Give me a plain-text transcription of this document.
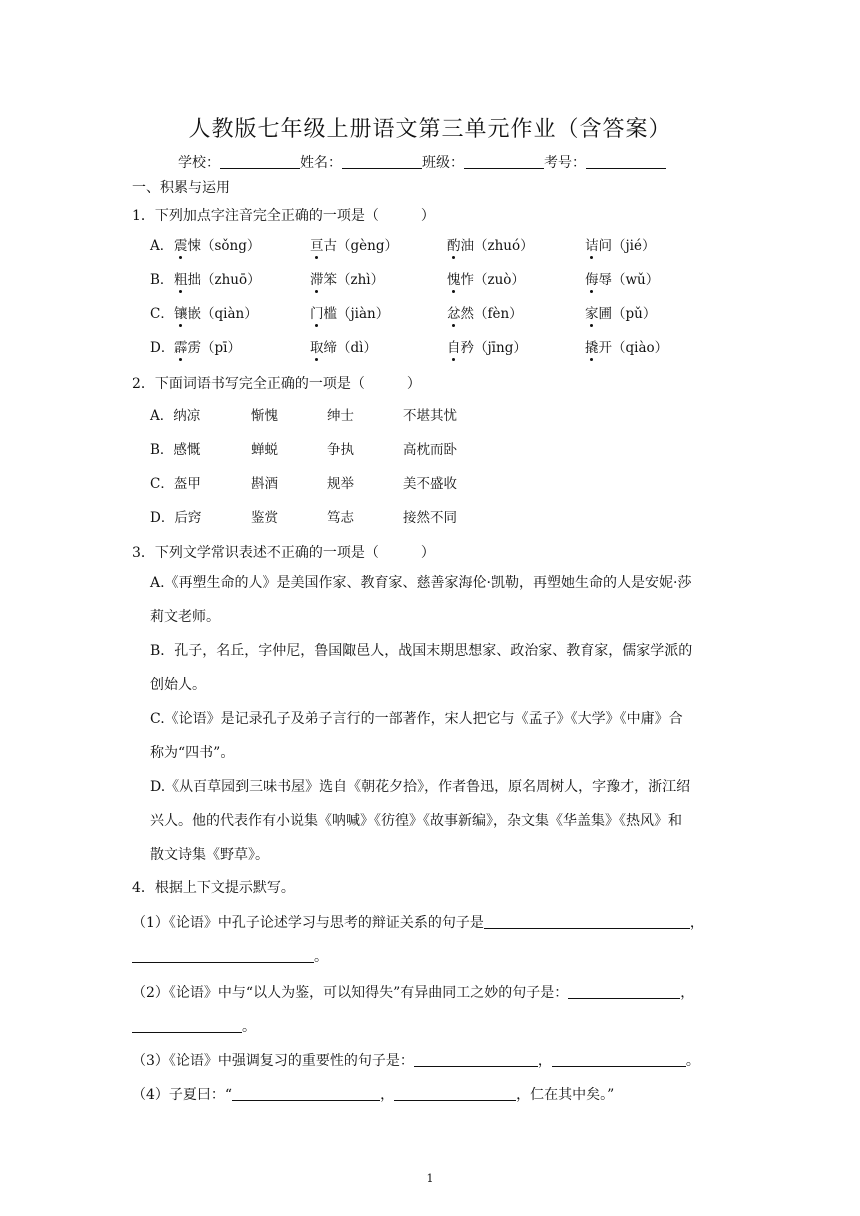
人教版七年级上册语文第三单元作业（含答案）
学校：	姓名：	班级：	考号：
一、积累与运用
1．下列加点字注音完全正确的一项是（　　　）
A． 震悚（sǒng）	亘古（gèng）	酌油（zhuó）	诘问（jié）
B． 粗拙（zhuō）	滞笨（zhì）	愧怍（zuò）	侮辱（wǔ）
C． 镶嵌（qiàn）	门槛（jiàn）	忿然（fèn）	家圃（pǔ）
D． 霹雳（pī）	取缔（dì）	自矜（jīng）	撬开（qiào）
2．下面词语书写完全正确的一项是（　　　）
A．纳凉	惭愧	绅士	不堪其忧
B．感慨	蝉蜕	争执	高枕而卧
C．盔甲	斟酒	规举	美不盛收
D．后窍	鉴赏	笃志	接然不同
3．下列文学常识表述不正确的一项是（　　　）
A.《再塑生命的人》是美国作家、教育家、慈善家海伦·凯勒，再塑她生命的人是安妮·莎
莉文老师。
B．孔子，名丘，字仲尼，鲁国陬邑人，战国末期思想家、政治家、教育家，儒家学派的
创始人。
C.《论语》是记录孔子及弟子言行的一部著作，宋人把它与《孟子》《大学》《中庸》合
称为“四书”。
D.《从百草园到三味书屋》选自《朝花夕拾》，作者鲁迅，原名周树人，字豫才，浙江绍
兴人。他的代表作有小说集《呐喊》《彷徨》《故事新编》，杂文集《华盖集》《热风》和
散文诗集《野草》。
4．根据上下文提示默写。
（1）《论语》中孔子论述学习与思考的辩证关系的句子是	，
。
（2）《论语》中与“以人为鉴，可以知得失”有异曲同工之妙的句子是：	，
。
（3）《论语》中强调复习的重要性的句子是：	，	。
（4）子夏曰：“	，	，仁在其中矣。”
1
